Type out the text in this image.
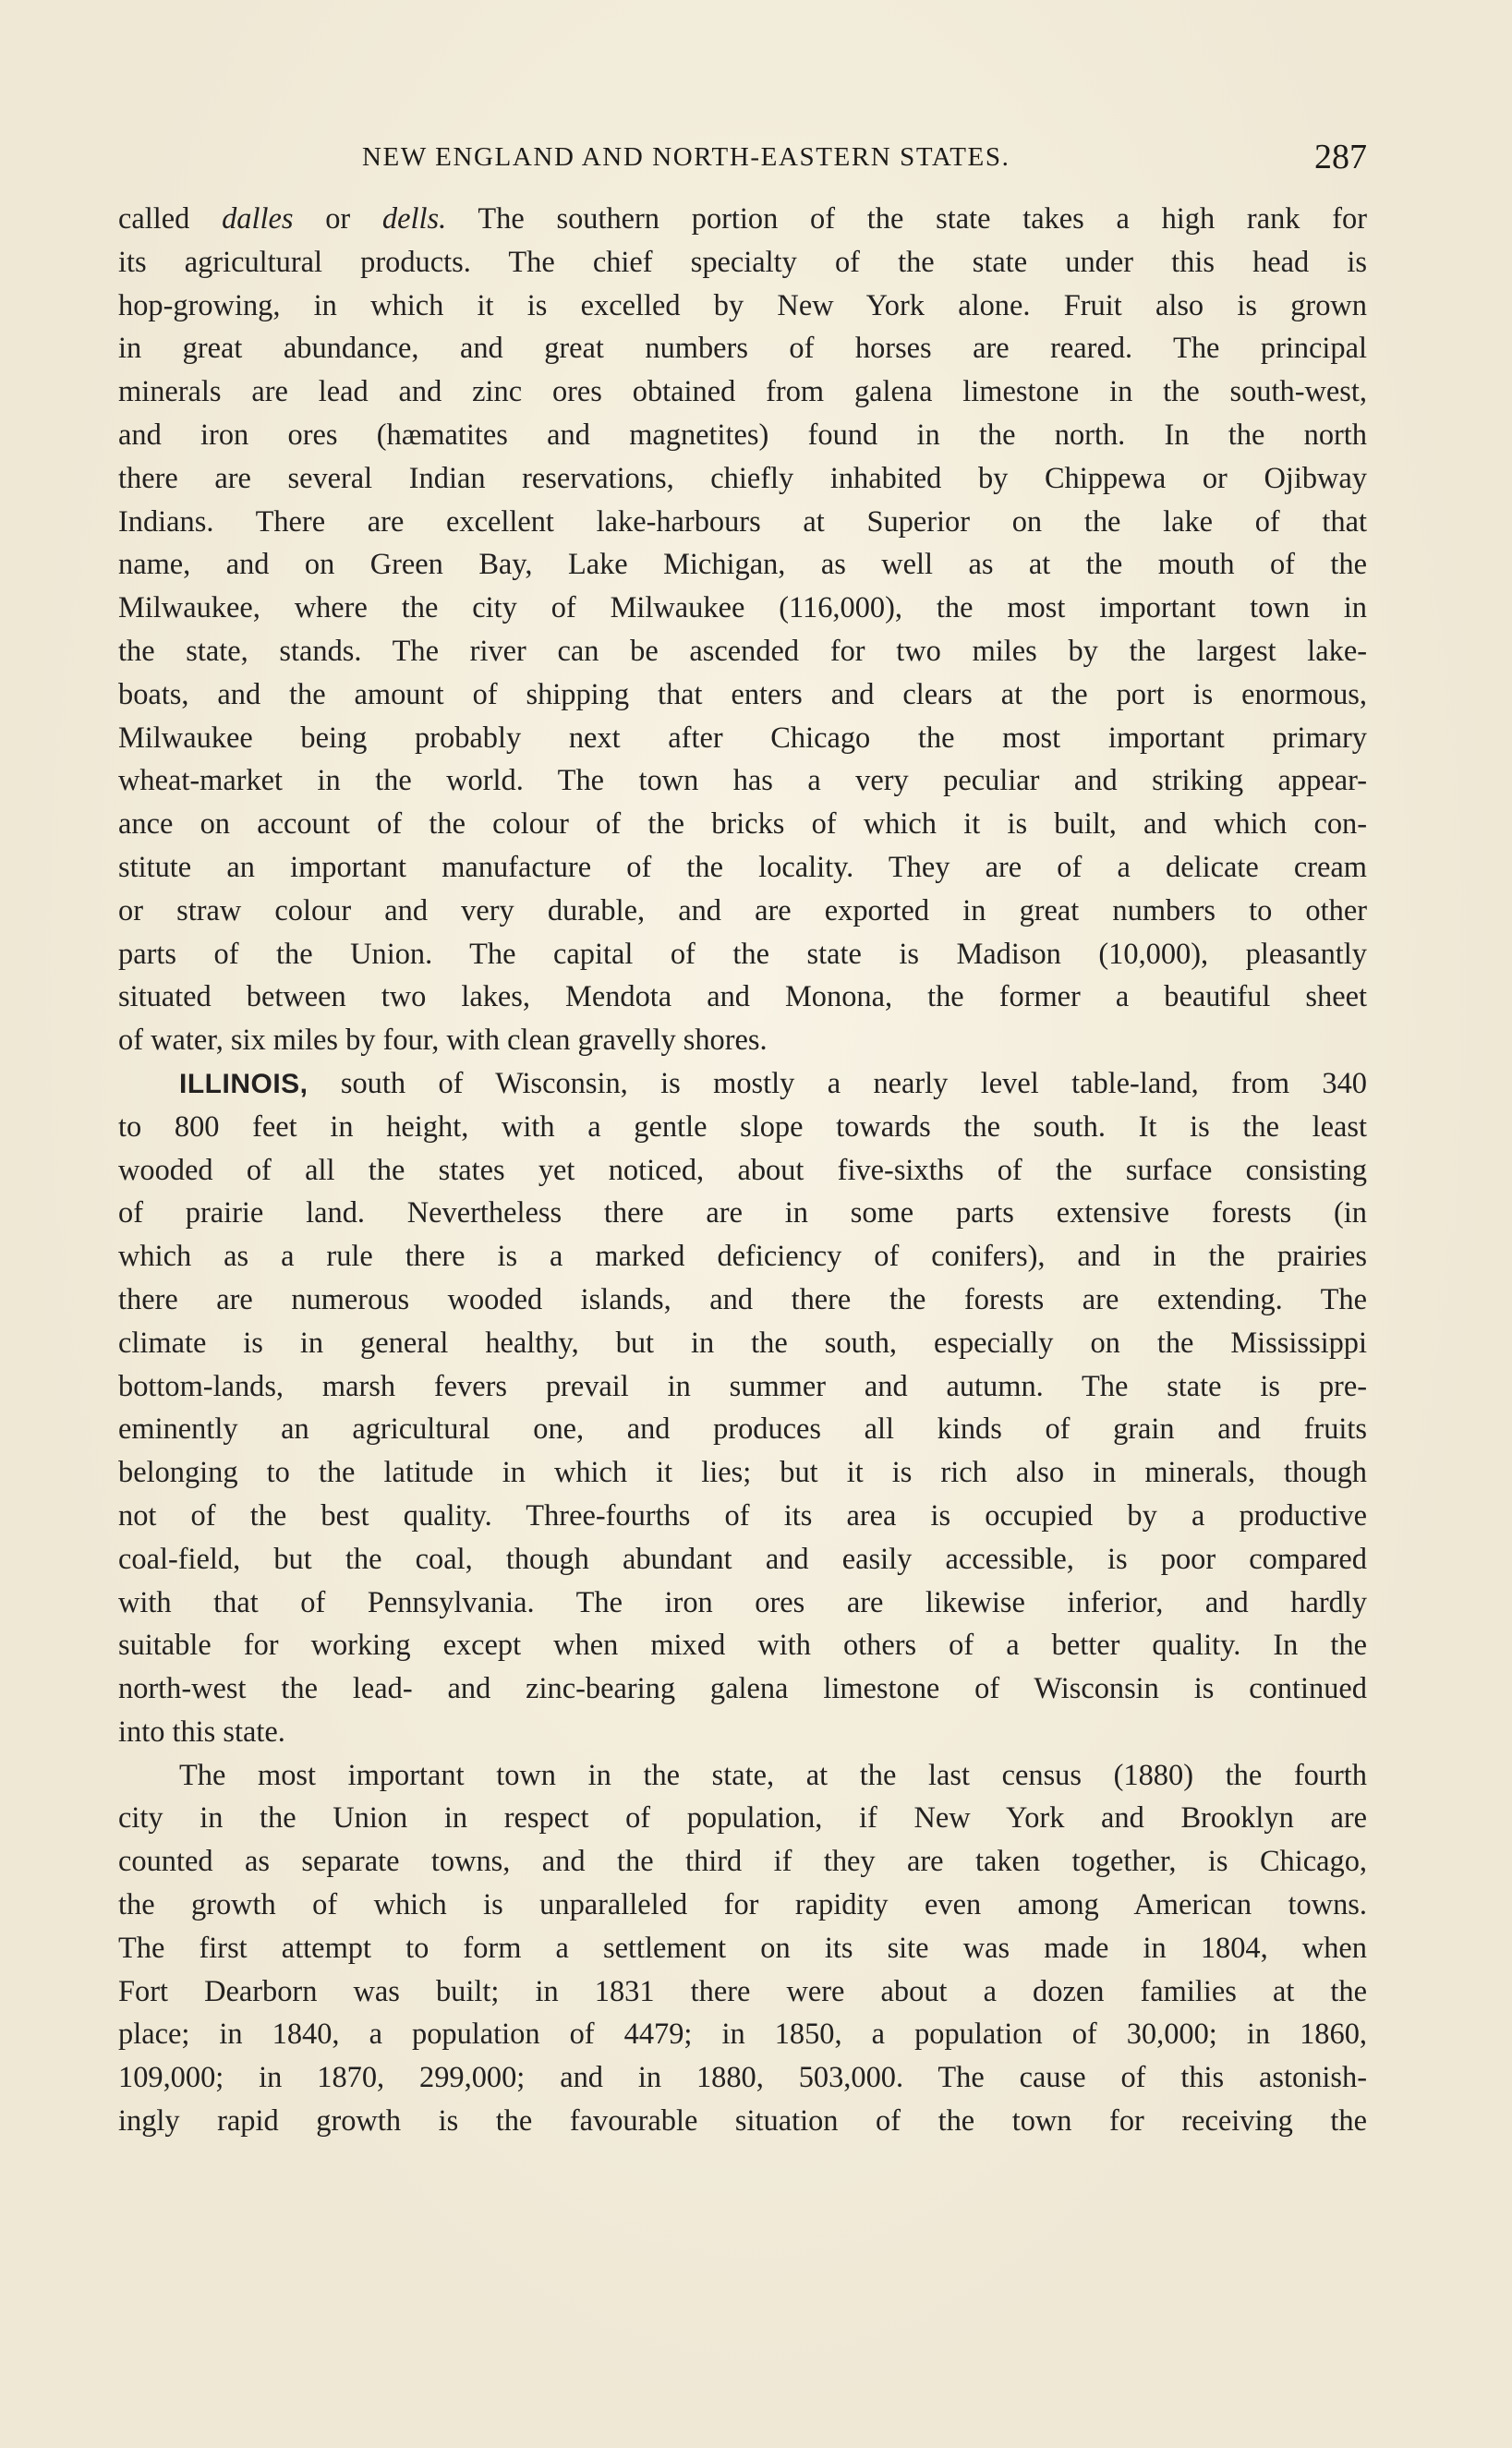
NEW ENGLAND AND NORTH-EASTERN STATES.	287
called dalles or dells. The southern portion of the state takes a high rank for
its agricultural products. The chief specialty of the state under this head is
hop-growing, in which it is excelled by New York alone. Fruit also is grown
in great abundance, and great numbers of horses are reared. The principal
minerals are lead and zinc ores obtained from galena limestone in the south-west,
and iron ores (hæmatites and magnetites) found in the north. In the north
there are several Indian reservations, chiefly inhabited by Chippewa or Ojibway
Indians. There are excellent lake-harbours at Superior on the lake of that
name, and on Green Bay, Lake Michigan, as well as at the mouth of the
Milwaukee, where the city of Milwaukee (116,000), the most important town in
the state, stands. The river can be ascended for two miles by the largest lake-
boats, and the amount of shipping that enters and clears at the port is enormous,
Milwaukee being probably next after Chicago the most important primary
wheat-market in the world. The town has a very peculiar and striking appear-
ance on account of the colour of the bricks of which it is built, and which con-
stitute an important manufacture of the locality. They are of a delicate cream
or straw colour and very durable, and are exported in great numbers to other
parts of the Union. The capital of the state is Madison (10,000), pleasantly
situated between two lakes, Mendota and Monona, the former a beautiful sheet
of water, six miles by four, with clean gravelly shores.
ILLINOIS, south of Wisconsin, is mostly a nearly level table-land, from 340
to 800 feet in height, with a gentle slope towards the south. It is the least
wooded of all the states yet noticed, about five-sixths of the surface consisting
of prairie land. Nevertheless there are in some parts extensive forests (in
which as a rule there is a marked deficiency of conifers), and in the prairies
there are numerous wooded islands, and there the forests are extending. The
climate is in general healthy, but in the south, especially on the Mississippi
bottom-lands, marsh fevers prevail in summer and autumn. The state is pre-
eminently an agricultural one, and produces all kinds of grain and fruits
belonging to the latitude in which it lies; but it is rich also in minerals, though
not of the best quality. Three-fourths of its area is occupied by a productive
coal-field, but the coal, though abundant and easily accessible, is poor compared
with that of Pennsylvania. The iron ores are likewise inferior, and hardly
suitable for working except when mixed with others of a better quality. In the
north-west the lead- and zinc-bearing galena limestone of Wisconsin is continued
into this state.
The most important town in the state, at the last census (1880) the fourth
city in the Union in respect of population, if New York and Brooklyn are
counted as separate towns, and the third if they are taken together, is Chicago,
the growth of which is unparalleled for rapidity even among American towns.
The first attempt to form a settlement on its site was made in 1804, when
Fort Dearborn was built; in 1831 there were about a dozen families at the
place; in 1840, a population of 4479; in 1850, a population of 30,000; in 1860,
109,000; in 1870, 299,000; and in 1880, 503,000. The cause of this astonish-
ingly rapid growth is the favourable situation of the town for receiving the
